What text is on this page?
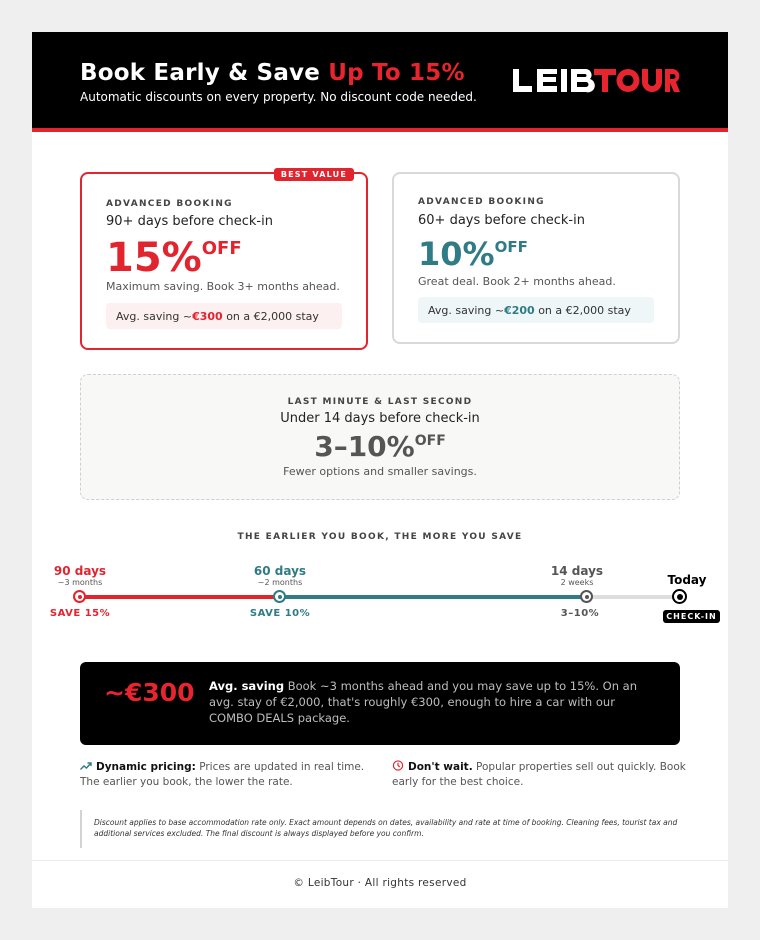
Book Early & Save Up To 15%
Automatic discounts on every property. No discount code needed.
BEST VALUE
ADVANCED BOOKING
90+ days before check-in
15%OFF
Maximum saving. Book 3+ months ahead.
Avg. saving ~€300 on a €2,000 stay
ADVANCED BOOKING
60+ days before check-in
10%OFF
Great deal. Book 2+ months ahead.
Avg. saving ~€200 on a €2,000 stay
LAST MINUTE & LAST SECOND
Under 14 days before check-in
3–10%OFF
Fewer options and smaller savings.
THE EARLIER YOU BOOK, THE MORE YOU SAVE
90 days
~3 months
SAVE 15%
60 days
~2 months
SAVE 10%
14 days
2 weeks
3–10%
Today
CHECK-IN
~€300 Avg. saving Book ~3 months ahead and you may save up to 15%. On an avg. stay of €2,000, that's roughly €300, enough to hire a car with our COMBO DEALS package.
Dynamic pricing: Prices are updated in real time. The earlier you book, the lower the rate.
Don't wait. Popular properties sell out quickly. Book early for the best choice.
Discount applies to base accommodation rate only. Exact amount depends on dates, availability and rate at time of booking. Cleaning fees, tourist tax and additional services excluded. The final discount is always displayed before you confirm.
© LeibTour · All rights reserved
